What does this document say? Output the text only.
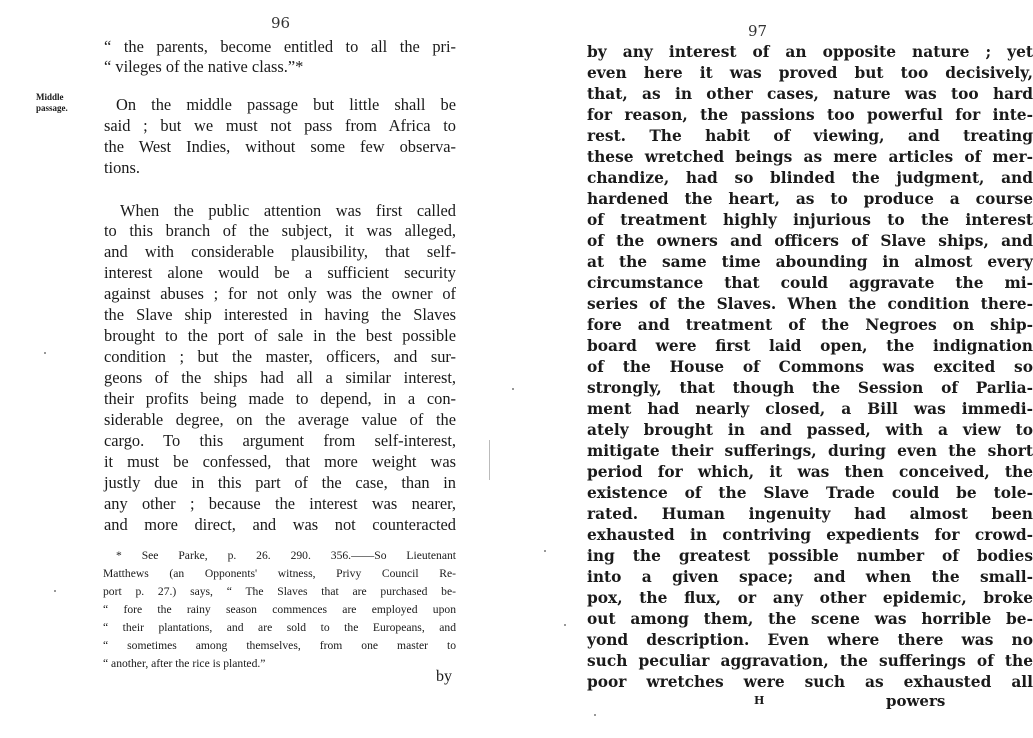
96
“ the parents, become entitled to all the pri-
“ vileges of the native class.”*
Middle
passage.	On the middle passage but little shall be
said ; but we must not pass from Africa to
the West Indies, without some few observa-
tions.
When the public attention was first called
to this branch of the subject, it was alleged,
and with considerable plausibility, that self-
interest alone would be a sufficient security
against abuses ; for not only was the owner of
the Slave ship interested in having the Slaves
brought to the port of sale in the best possible
condition ; but the master, officers, and sur-
geons of the ships had all a similar interest,
their profits being made to depend, in a con-
siderable degree, on the average value of the
cargo. To this argument from self-interest,
it must be confessed, that more weight was
justly due in this part of the case, than in
any other ; because the interest was nearer,
and more direct, and was not counteracted
* See Parke, p. 26. 290. 356.——So Lieutenant
Matthews (an Opponents' witness, Privy Council Re-
port p. 27.) says, “ The Slaves that are purchased be-
“ fore the rainy season commences are employed upon
“ their plantations, and are sold to the Europeans, and
“ sometimes among themselves, from one master to
“ another, after the rice is planted.”
by
97
by any interest of an opposite nature ; yet
even here it was proved but too decisively,
that, as in other cases, nature was too hard
for reason, the passions too powerful for inte-
rest. The habit of viewing, and treating
these wretched beings as mere articles of mer-
chandize, had so blinded the judgment, and
hardened the heart, as to produce a course
of treatment highly injurious to the interest
of the owners and officers of Slave ships, and
at the same time abounding in almost every
circumstance that could aggravate the mi-
series of the Slaves. When the condition there-
fore and treatment of the Negroes on ship-
board were first laid open, the indignation
of the House of Commons was excited so
strongly, that though the Session of Parlia-
ment had nearly closed, a Bill was immedi-
ately brought in and passed, with a view to
mitigate their sufferings, during even the short
period for which, it was then conceived, the
existence of the Slave Trade could be tole-
rated. Human ingenuity had almost been
exhausted in contriving expedients for crowd-
ing the greatest possible number of bodies
into a given space; and when the small-
pox, the flux, or any other epidemic, broke
out among them, the scene was horrible be-
yond description. Even where there was no
such peculiar aggravation, the sufferings of the
poor wretches were such as exhausted all
H	powers
